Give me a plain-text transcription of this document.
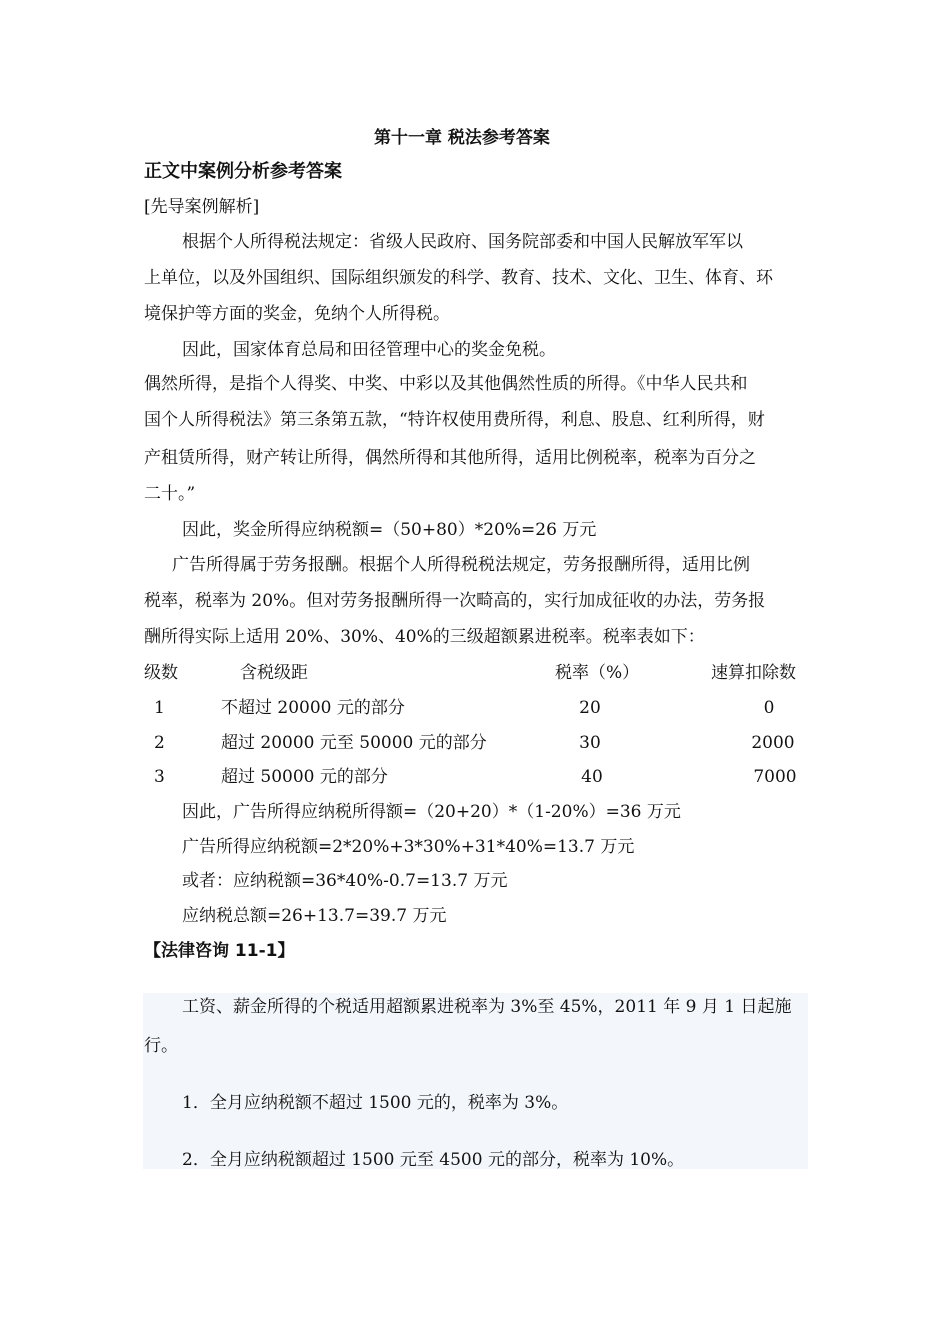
第十一章 税法参考答案
正文中案例分析参考答案
[先导案例解析]
根据个人所得税法规定：省级人民政府、国务院部委和中国人民解放军军以
上单位，以及外国组织、国际组织颁发的科学、教育、技术、文化、卫生、体育、环
境保护等方面的奖金，免纳个人所得税。
因此，国家体育总局和田径管理中心的奖金免税。
偶然所得，是指个人得奖、中奖、中彩以及其他偶然性质的所得。《中华人民共和
国个人所得税法》第三条第五款，“特许权使用费所得，利息、股息、红利所得，财
产租赁所得，财产转让所得，偶然所得和其他所得，适用比例税率，税率为百分之
二十。”
因此，奖金所得应纳税额=（50+80）*20%=26 万元
广告所得属于劳务报酬。根据个人所得税税法规定，劳务报酬所得，适用比例
税率，税率为 20%。但对劳务报酬所得一次畸高的，实行加成征收的办法，劳务报
酬所得实际上适用 20%、30%、40%的三级超额累进税率。税率表如下：
级数	含税级距	税率（%）	速算扣除数
1	不超过 20000 元的部分	20	0
2	超过 20000 元至 50000 元的部分	30	2000
3	超过 50000 元的部分	40	7000
因此，广告所得应纳税所得额=（20+20）*（1-20%）=36 万元
广告所得应纳税额=2*20%+3*30%+31*40%=13.7 万元
或者：应纳税额=36*40%-0.7=13.7 万元
应纳税总额=26+13.7=39.7 万元
【法律咨询 11-1】
工资、薪金所得的个税适用超额累进税率为 3%至 45%，2011 年 9 月 1 日起施
行。
1．全月应纳税额不超过 1500 元的，税率为 3%。
2．全月应纳税额超过 1500 元至 4500 元的部分，税率为 10%。
